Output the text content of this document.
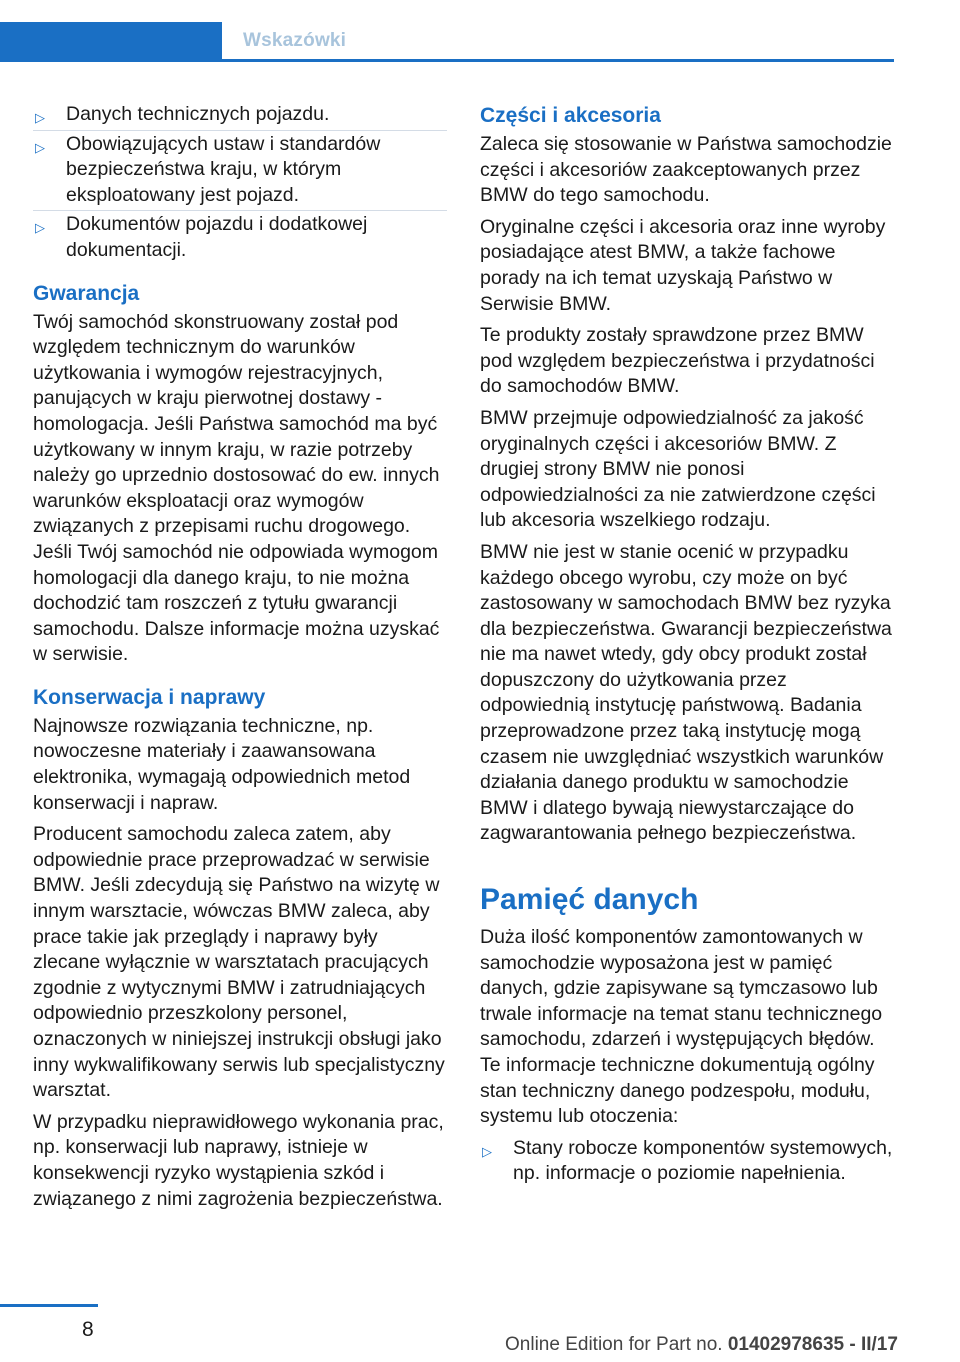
Wskazówki
▷ Danych technicznych pojazdu.
▷ Obowiązujących ustaw i standardów bezpieczeństwa kraju, w którym eksploatowany jest pojazd.
▷ Dokumentów pojazdu i dodatkowej dokumentacji.
Gwarancja

Twój samochód skonstruowany został pod względem technicznym do warunków użytkowania i wymogów rejestracyjnych, panujących w kraju pierwotnej dostawy - homologacja. Jeśli Państwa samochód ma być użytkowany w innym kraju, w razie potrzeby należy go uprzednio dostosować do ew. innych warunków eksploatacji oraz wymogów związanych z przepisami ruchu drogowego. Jeśli Twój samochód nie odpowiada wymogom homologacji dla danego kraju, to nie można dochodzić tam roszczeń z tytułu gwarancji samochodu. Dalsze informacje można uzyskać w serwisie.

Konserwacja i naprawy

Najnowsze rozwiązania techniczne, np. nowoczesne materiały i zaawansowana elektronika, wymagają odpowiednich metod konserwacji i napraw.

Producent samochodu zaleca zatem, aby odpowiednie prace przeprowadzać w serwisie BMW. Jeśli zdecydują się Państwo na wizytę w innym warsztacie, wówczas BMW zaleca, aby prace takie jak przeglądy i naprawy były zlecane wyłącznie w warsztatach pracujących zgodnie z wytycznymi BMW i zatrudniających odpowiednio przeszkolony personel, oznaczonych w niniejszej instrukcji obsługi jako inny wykwalifikowany serwis lub specjalistyczny warsztat.

W przypadku nieprawidłowego wykonania prac, np. konserwacji lub naprawy, istnieje w konsekwencji ryzyko wystąpienia szkód i związanego z nimi zagrożenia bezpieczeństwa.

Części i akcesoria

Zaleca się stosowanie w Państwa samochodzie części i akcesoriów zaakceptowanych przez BMW do tego samochodu.

Oryginalne części i akcesoria oraz inne wyroby posiadające atest BMW, a także fachowe porady na ich temat uzyskają Państwo w Serwisie BMW.

Te produkty zostały sprawdzone przez BMW pod względem bezpieczeństwa i przydatności do samochodów BMW.

BMW przejmuje odpowiedzialność za jakość oryginalnych części i akcesoriów BMW. Z drugiej strony BMW nie ponosi odpowiedzialności za nie zatwierdzone części lub akcesoria wszelkiego rodzaju.

BMW nie jest w stanie ocenić w przypadku każdego obcego wyrobu, czy może on być zastosowany w samochodach BMW bez ryzyka dla bezpieczeństwa. Gwarancji bezpieczeństwa nie ma nawet wtedy, gdy obcy produkt został dopuszczony do użytkowania przez odpowiednią instytucję państwową. Badania przeprowadzone przez taką instytucję mogą czasem nie uwzględniać wszystkich warunków działania danego produktu w samochodzie BMW i dlatego bywają niewystarczające do zagwarantowania pełnego bezpieczeństwa.

Pamięć danych

Duża ilość komponentów zamontowanych w samochodzie wyposażona jest w pamięć danych, gdzie zapisywane są tymczasowo lub trwale informacje na temat stanu technicznego samochodu, zdarzeń i występujących błędów. Te informacje techniczne dokumentują ogólny stan techniczny danego podzespołu, modułu, systemu lub otoczenia:

▷ Stany robocze komponentów systemowych, np. informacje o poziomie napełnienia.
8
Online Edition for Part no. 01402978635 - II/17
